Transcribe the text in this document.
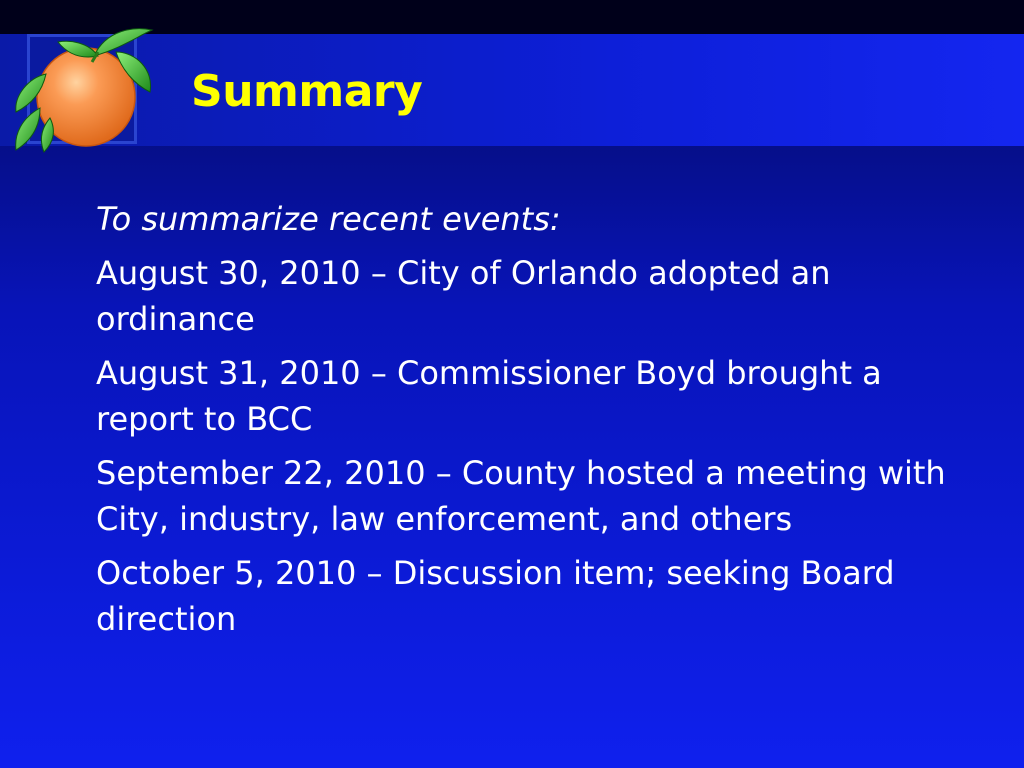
Summary

To summarize recent events:

August 30, 2010 – City of Orlando adopted an ordinance

August 31, 2010 – Commissioner Boyd brought a report to BCC

September 22, 2010 – County hosted a meeting with City, industry, law enforcement, and others

October 5, 2010 – Discussion item; seeking Board direction
